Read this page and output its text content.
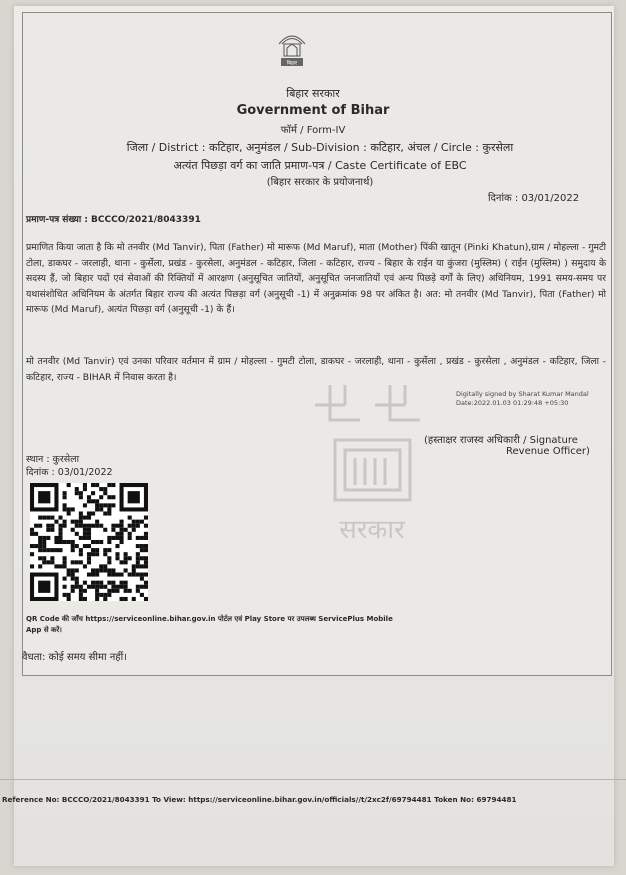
बिहार
बिहार सरकार
Government of Bihar
फॉर्म / Form-IV
जिला / District : कटिहार, अनुमंडल / Sub-Division : कटिहार, अंचल / Circle : कुरसेला
अत्यंत पिछड़ा वर्ग का जाति प्रमाण-पत्र / Caste Certificate of EBC
(बिहार सरकार के प्रयोजनार्थ)
दिनांक : 03/01/2022
प्रमाण-पत्र संख्या : BCCCO/2021/8043391
प्रमाणित किया जाता है कि मो तनवीर (Md Tanvir), पिता (Father) मो मारूफ (Md Maruf), माता (Mother) पिंकी खातून (Pinki Khatun),ग्राम / मोहल्ला - गुमटी टोला, डाकघर - जरलाही, थाना - कुर्सेला, प्रखंड - कुरसेला, अनुमंडल - कटिहार, जिला - कटिहार, राज्य - बिहार के राईन या कुंजरा (मुस्लिम) ( राईन (मुस्लिम) ) समुदाय के सदस्य हैं, जो बिहार पदों एवं सेवाओं की रिक्तियों में आरक्षण (अनुसूचित जातियों, अनुसूचित जनजातियों एवं अन्य पिछड़े वर्गों के लिए) अधिनियम, 1991 समय-समय पर यथासंशोधित अधिनियम के अंतर्गत बिहार राज्य की अत्यंत पिछड़ा वर्ग (अनुसूची -1) में अनुक्रमांक 98 पर अंकित है। अत: मो तनवीर (Md Tanvir), पिता (Father) मो मारूफ (Md Maruf), अत्यंत पिछड़ा वर्ग (अनुसूची -1) के हैं।
मो तनवीर (Md Tanvir) एवं उनका परिवार वर्तमान में ग्राम / मोहल्ला - गुमटी टोला, डाकघर - जरलाही, थाना - कुर्सेला , प्रखंड - कुरसेला , अनुमंडल - कटिहार, जिला - कटिहार, राज्य - BIHAR में निवास करता है।
सरकार
Digitally signed by Sharat Kumar Mandal
Date:2022.01.03 01:29:48 +05:30
(हस्ताक्षर राजस्व अधिकारी / Signature
Revenue Officer)
स्थान : कुरसेला
दिनांक : 03/01/2022
QR Code की जाँच https://serviceonline.bihar.gov.in पोर्टल एवं Play Store पर उपलब्ध ServicePlus Mobile App से करें।
वैधता: कोई समय सीमा नहीं।
Reference No: BCCCO/2021/8043391 To View: https://serviceonline.bihar.gov.in/officials//t/2xc2f/69794481 Token No: 69794481
